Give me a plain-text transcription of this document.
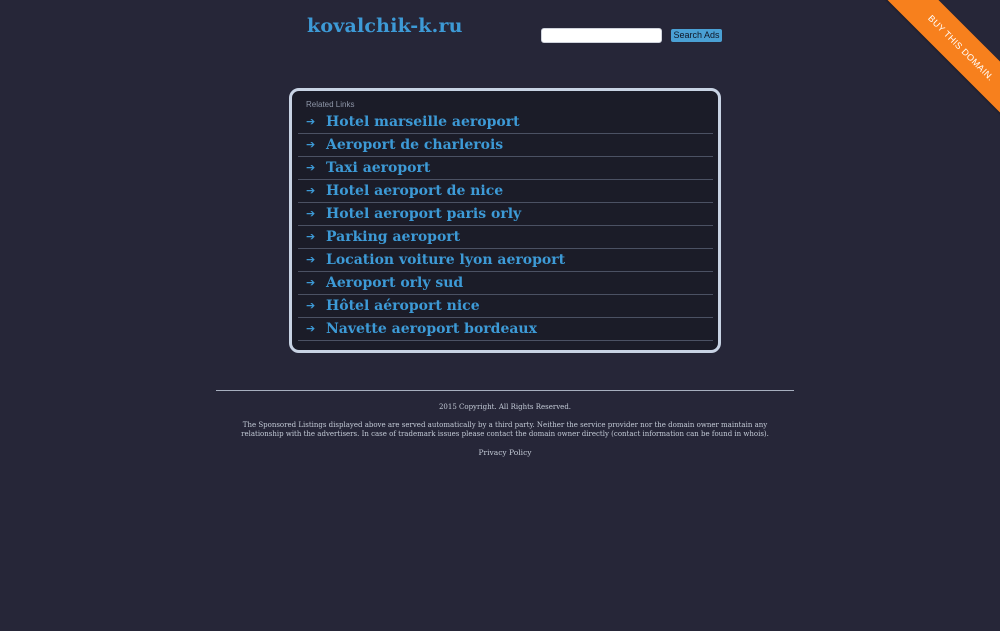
kovalchik-k.ru	Search Ads	BUY THIS DOMAIN.
Related Links
➔ Hotel marseille aeroport
➔ Aeroport de charlerois
➔ Taxi aeroport
➔ Hotel aeroport de nice
➔ Hotel aeroport paris orly
➔ Parking aeroport
➔ Location voiture lyon aeroport
➔ Aeroport orly sud
➔ Hôtel aéroport nice
➔ Navette aeroport bordeaux
2015 Copyright. All Rights Reserved.
The Sponsored Listings displayed above are served automatically by a third party. Neither the service provider nor the domain owner maintain any relationship with the advertisers. In case of trademark issues please contact the domain owner directly (contact information can be found in whois).
Privacy Policy
